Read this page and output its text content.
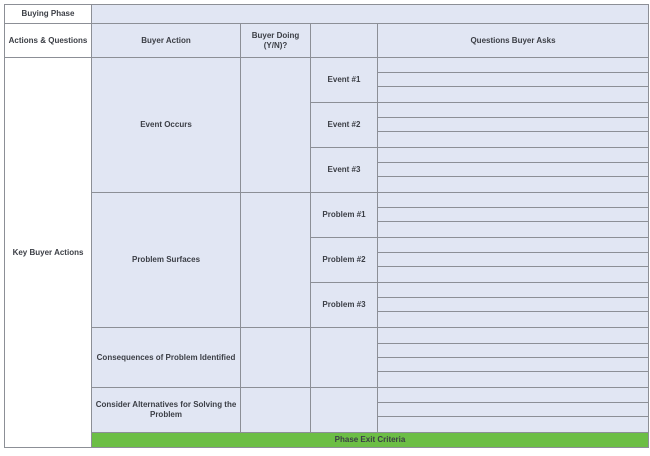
Buying Phase				
Actions & Questions	Buyer Action	Buyer Doing (Y/N)?		Questions Buyer Asks
Key Buyer Actions	Event Occurs		Event #1	

			Event #2	

			Event #3	

	Problem Surfaces		Problem #1	

			Problem #2	

			Problem #3	

	Consequences of Problem Identified			

	Consider Alternatives for Solving the Problem			

	Phase Exit Criteria			
